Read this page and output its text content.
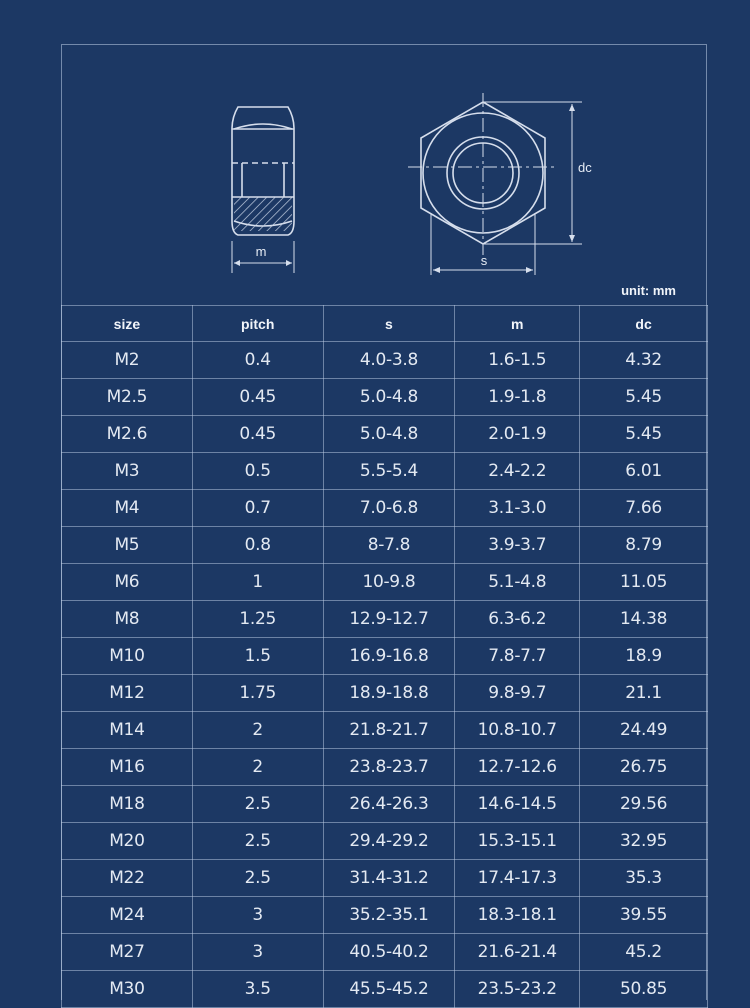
m
s
dc
unit: mm
size	pitch	s	m	dc
M2	0.4	4.0-3.8	1.6-1.5	4.32
M2.5	0.45	5.0-4.8	1.9-1.8	5.45
M2.6	0.45	5.0-4.8	2.0-1.9	5.45
M3	0.5	5.5-5.4	2.4-2.2	6.01
M4	0.7	7.0-6.8	3.1-3.0	7.66
M5	0.8	8-7.8	3.9-3.7	8.79
M6	1	10-9.8	5.1-4.8	11.05
M8	1.25	12.9-12.7	6.3-6.2	14.38
M10	1.5	16.9-16.8	7.8-7.7	18.9
M12	1.75	18.9-18.8	9.8-9.7	21.1
M14	2	21.8-21.7	10.8-10.7	24.49
M16	2	23.8-23.7	12.7-12.6	26.75
M18	2.5	26.4-26.3	14.6-14.5	29.56
M20	2.5	29.4-29.2	15.3-15.1	32.95
M22	2.5	31.4-31.2	17.4-17.3	35.3
M24	3	35.2-35.1	18.3-18.1	39.55
M27	3	40.5-40.2	21.6-21.4	45.2
M30	3.5	45.5-45.2	23.5-23.2	50.85
